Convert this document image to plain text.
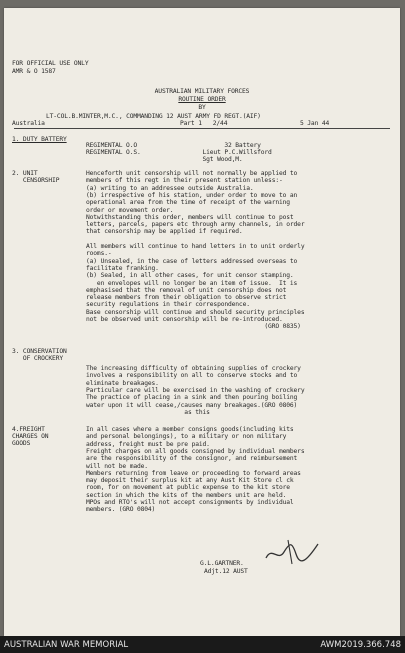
FOR OFFICIAL USE ONLY
AMR & O 1587
AUSTRALIAN MILITARY FORCES
ROUTINE ORDER
BY
LT-COL.B.MINTER,M.C., COMMANDING 12 AUST ARMY FD REGT.(AIF)
Australia	Part 1   2/44	5 Jan 44
1. DUTY BATTERY
REGIMENTAL O.O                        32 Battery
REGIMENTAL O.S.                 Lieut P.C.Willsford
Sgt Wood,M.
2. UNIT
CENSORSHIP
Henceforth unit censorship will not normally be applied to
members of this regt in their present station unless:-
(a) writing to an addressee outside Australia.
(b) irrespective of his station, under order to move to an
operational area from the time of receipt of the warning
order or movement order.
Notwithstanding this order, members will continue to post
letters, parcels, papers etc through army channels, in order
that censorship may be applied if required.
All members will continue to hand letters in to unit orderly
rooms.-
(a) Unsealed, in the case of letters addressed overseas to
facilitate franking.
(b) Sealed, in all other cases, for unit censor stamping.
en envelopes will no longer be an item of issue.  It is
emphasised that the removal of unit censorship does not
release members from their obligation to observe strict
security regulations in their correspondence.
Base censorship will continue and should security principles
not be observed unit censorship will be re-introduced.
(GRO 0835)
3. CONSERVATION
OF CROCKERY
The increasing difficulty of obtaining supplies of crockery
involves a responsibility on all to conserve stocks and to
eliminate breakages.
Particular care will be exercised in the washing of crockery
The practice of placing in a sink and then pouring boiling
water upon it will cease,/causes many breakages.(GRO 0806)
as this
4.FREIGHT
CHARGES ON
GOODS
In all cases where a member consigns goods(including kits
and personal belongings), to a military or non military
address, freight must be pre paid.
Freight charges on all goods consigned by individual members
are the responsibility of the consignor, and reimbursement
will not be made.
Members returning from leave or proceeding to forward areas
may deposit their surplus kit at any Aust Kit Store cl ck
room, for on movement at public expense to the kit store
section in which the kits of the members unit are held.
MPOs and RTO's will not accept consignments by individual
members. (GRO 0804)
G.L.GARTNER.
Adjt.12 AUST
AUSTRALIAN WAR MEMORIAL	AWM2019.366.748
